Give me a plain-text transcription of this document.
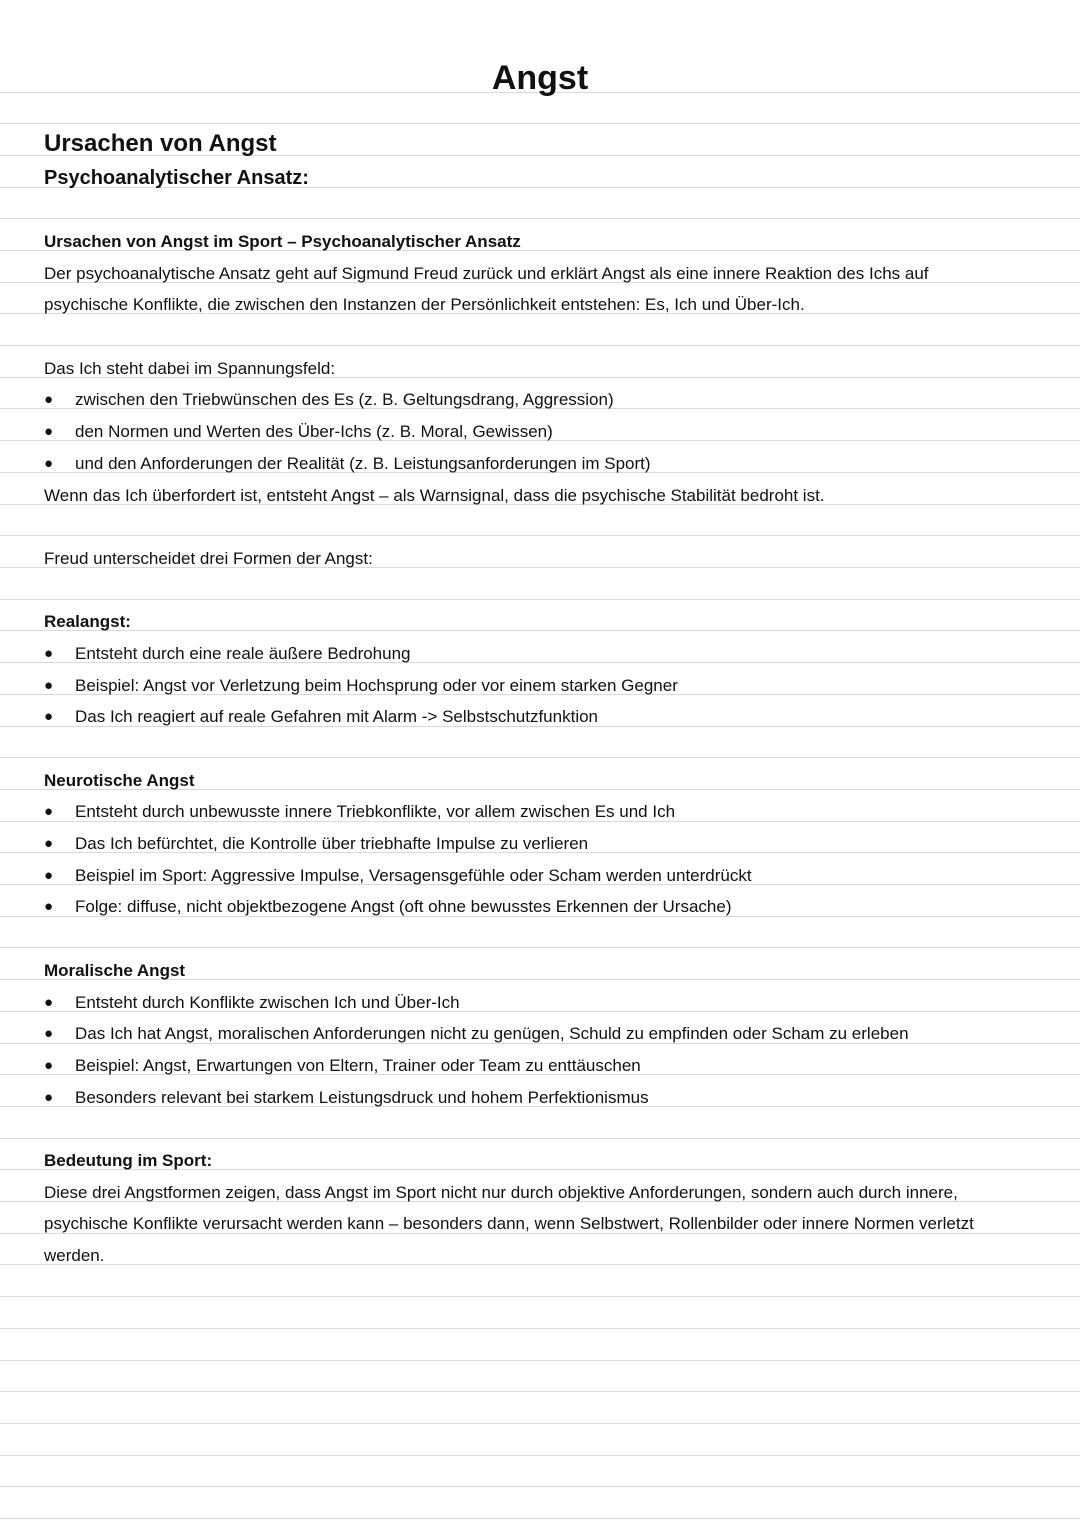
Angst
Ursachen von Angst
Psychoanalytischer Ansatz:
Ursachen von Angst im Sport – Psychoanalytischer Ansatz
Der psychoanalytische Ansatz geht auf Sigmund Freud zurück und erklärt Angst als eine innere Reaktion des Ichs auf
psychische Konflikte, die zwischen den Instanzen der Persönlichkeit entstehen: Es, Ich und Über-Ich.
Das Ich steht dabei im Spannungsfeld:
● zwischen den Triebwünschen des Es (z. B. Geltungsdrang, Aggression)
● den Normen und Werten des Über-Ichs (z. B. Moral, Gewissen)
● und den Anforderungen der Realität (z. B. Leistungsanforderungen im Sport)
Wenn das Ich überfordert ist, entsteht Angst – als Warnsignal, dass die psychische Stabilität bedroht ist.
Freud unterscheidet drei Formen der Angst:
Realangst:
● Entsteht durch eine reale äußere Bedrohung
● Beispiel: Angst vor Verletzung beim Hochsprung oder vor einem starken Gegner
● Das Ich reagiert auf reale Gefahren mit Alarm -> Selbstschutzfunktion
Neurotische Angst
● Entsteht durch unbewusste innere Triebkonflikte, vor allem zwischen Es und Ich
● Das Ich befürchtet, die Kontrolle über triebhafte Impulse zu verlieren
● Beispiel im Sport: Aggressive Impulse, Versagensgefühle oder Scham werden unterdrückt
● Folge: diffuse, nicht objektbezogene Angst (oft ohne bewusstes Erkennen der Ursache)
Moralische Angst
● Entsteht durch Konflikte zwischen Ich und Über-Ich
● Das Ich hat Angst, moralischen Anforderungen nicht zu genügen, Schuld zu empfinden oder Scham zu erleben
● Beispiel: Angst, Erwartungen von Eltern, Trainer oder Team zu enttäuschen
● Besonders relevant bei starkem Leistungsdruck und hohem Perfektionismus
Bedeutung im Sport:
Diese drei Angstformen zeigen, dass Angst im Sport nicht nur durch objektive Anforderungen, sondern auch durch innere,
psychische Konflikte verursacht werden kann – besonders dann, wenn Selbstwert, Rollenbilder oder innere Normen verletzt
werden.
